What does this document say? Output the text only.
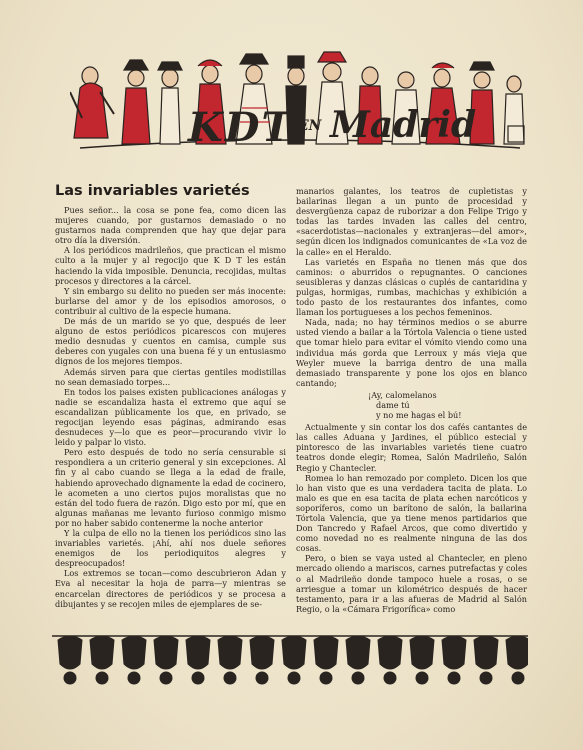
KDT EN Madrid
Las invariables varietés

Pues señor... la cosa se pone fea, como dicen las mujeres cuando, por gustarnos demasiado o no gustarnos nada comprenden que hay que dejar para otro día la diversión.

A los periódicos madrileños, que practican el mismo culto a la mujer y al regocijo que K D T les están haciendo la vida imposible. Denuncia, recojidas, multas procesos y directores a la cárcel.

Y sin embargo su delito no pueden ser más inocente: burlarse del amor y de los episodios amorosos, o contribuir al cultivo de la especie humana.

De más de un marido se yo que, después de leer alguno de estos periódicos picarescos con mujeres medio desnudas y cuentos en camisa, cumple sus deberes con yugales con una buena fé y un entusiasmo dignos de los mejores tiempos.

Además sirven para que ciertas gentiles modistillas no sean demasiado torpes...

En todos los paises existen publicaciones análogas y nadie se escandaliza hasta el extremo que aquí se escandalizan públicamente los que, en privado, se regocijan leyendo esas páginas, admirando esas desnudeces y—lo que es peor—procurando vivir lo leido y palpar lo visto.

Pero esto después de todo no sería censurable si respondiera a un criterio general y sin excepciones. Al fin y al cabo cuando se llega a la edad de fraile, habiendo aprovechado dignamente la edad de cocinero, le acometen a uno ciertos pujos moralistas que no están del todo fuera de razón. Digo esto por mí, que en algunas mañanas me levanto furioso conmigo mismo por no haber sabido contenerme la noche anterior

Y la culpa de ello no la tienen los periódicos sino las invariables varietés. ¡Ahí, ahí nos duele señores enemigos de los periodiquitos alegres y despreocupados!

Los extremos se tocan—como descubrieron Adan y Eva al necesitar la hoja de parra—y mientras se encarcelan directores de periódicos y se procesa a dibujantes y se recojen miles de ejemplares de se-

manarios galantes, los teatros de cupletistas y bailarinas llegan a un punto de procesidad y desvergüenza capaz de ruborizar a don Felipe Trigo y todas las tardes invaden las calles del centro, «sacerdotistas—nacionales y extranjeras—del amor», según dicen los indignados comunicantes de «La voz de la calle» en el Heraldo.

Las varietés en España no tienen más que dos caminos: o aburridos o repugnantes. O canciones seusibleras y danzas clásicas o cuplés de cantaridina y pulgas, hormigas, rumbas, machichas y exhibición a todo pasto de los restaurantes dos infantes, como llaman los portugueses a los pechos femeninos.

Nada, nada; no hay términos medios o se aburre usted viendo a bailar a la Tórtola Valencia o tiene usted que tomar hielo para evitar el vómito viendo como una individua más gorda que Lerroux y más vieja que Weyler mueve la barriga dentro de una malla demasiado transparente y pone los ojos en blanco cantando;

¡Ay, calomelanos
dame tú
y no me hagas el bú!

Actualmente y sin contar los dos cafés cantantes de las calles Aduana y Jardines, el público estecial y pintoresco de las invariables varietés tiene cuatro teatros donde elegir; Romea, Salón Madrileño, Salón Regio y Chantecler.

Romea lo han remozado por completo. Dicen los que lo han visto que es una verdadera tacita de plata. Lo malo es que en esa tacita de plata echen narcóticos y soporíferos, como un barítono de salón, la bailarina Tórtola Valencia, que ya tiene menos partidarios que Don Tancredo y Rafael Arcos, que como divertido y como novedad no es realmente ninguna de las dos cosas.

Pero, o bien se vaya usted al Chantecler, en pleno mercado oliendo a mariscos, carnes putrefactas y coles o al Madrileño donde tampoco huele a rosas, o se arriesgue a tomar un kilométrico después de hacer testamento, para ir a las afueras de Madrid al Salón Regio, o la «Cámara Frigorífica» como
